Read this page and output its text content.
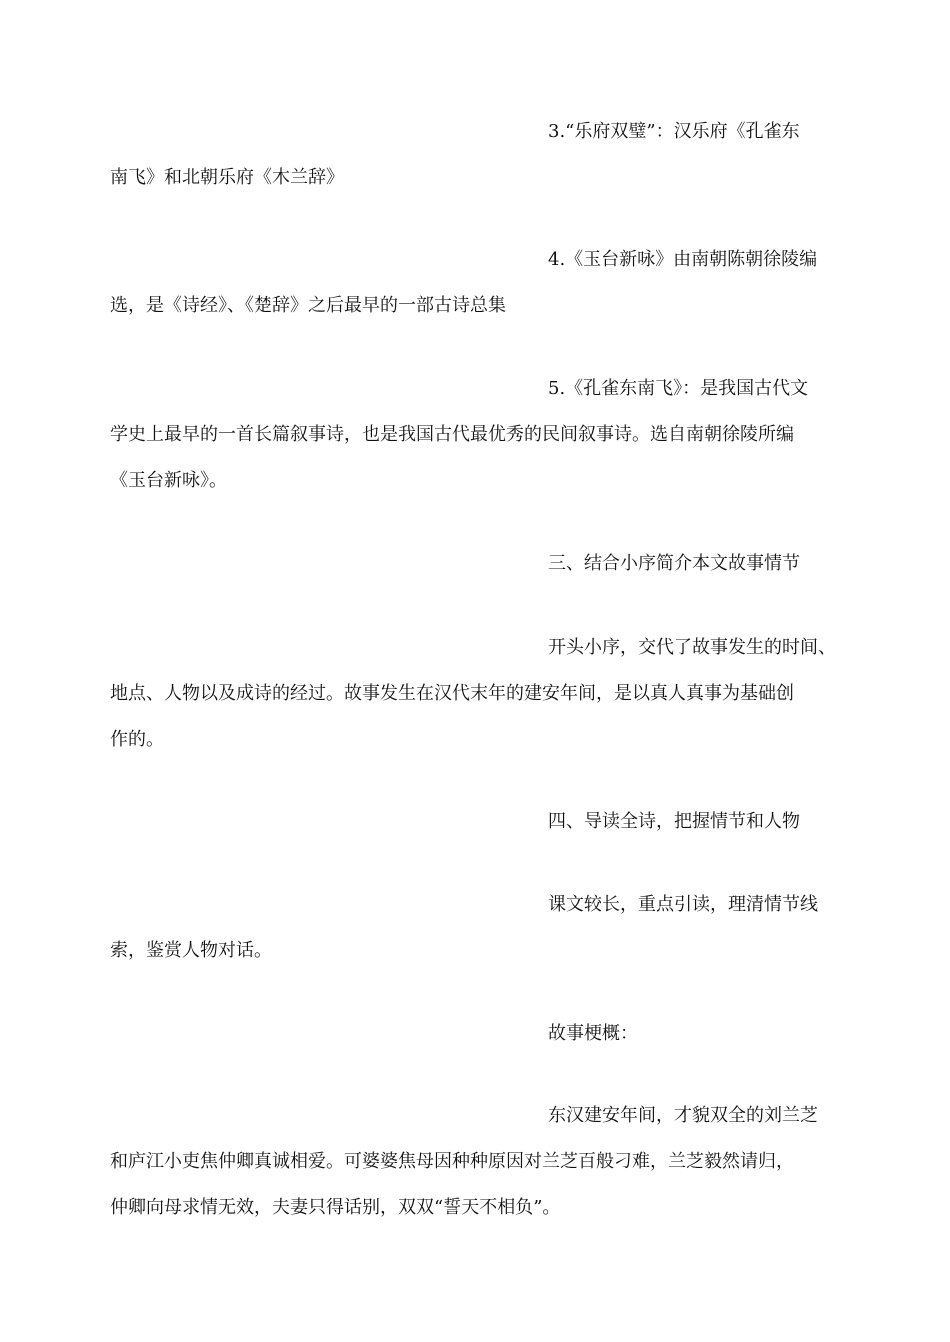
3.“乐府双璧”：汉乐府《孔雀东
南飞》和北朝乐府《木兰辞》
4.《玉台新咏》由南朝陈朝徐陵编
选，是《诗经》、《楚辞》之后最早的一部古诗总集
5.《孔雀东南飞》：是我国古代文
学史上最早的一首长篇叙事诗，也是我国古代最优秀的民间叙事诗。选自南朝徐陵所编
《玉台新咏》。
三、结合小序简介本文故事情节
开头小序，交代了故事发生的时间、
地点、人物以及成诗的经过。故事发生在汉代末年的建安年间，是以真人真事为基础创
作的。
四、导读全诗，把握情节和人物
课文较长，重点引读，理清情节线
索，鉴赏人物对话。
故事梗概：
东汉建安年间，才貌双全的刘兰芝
和庐江小吏焦仲卿真诚相爱。可婆婆焦母因种种原因对兰芝百般刁难，兰芝毅然请归，
仲卿向母求情无效，夫妻只得话别，双双“誓天不相负”。
